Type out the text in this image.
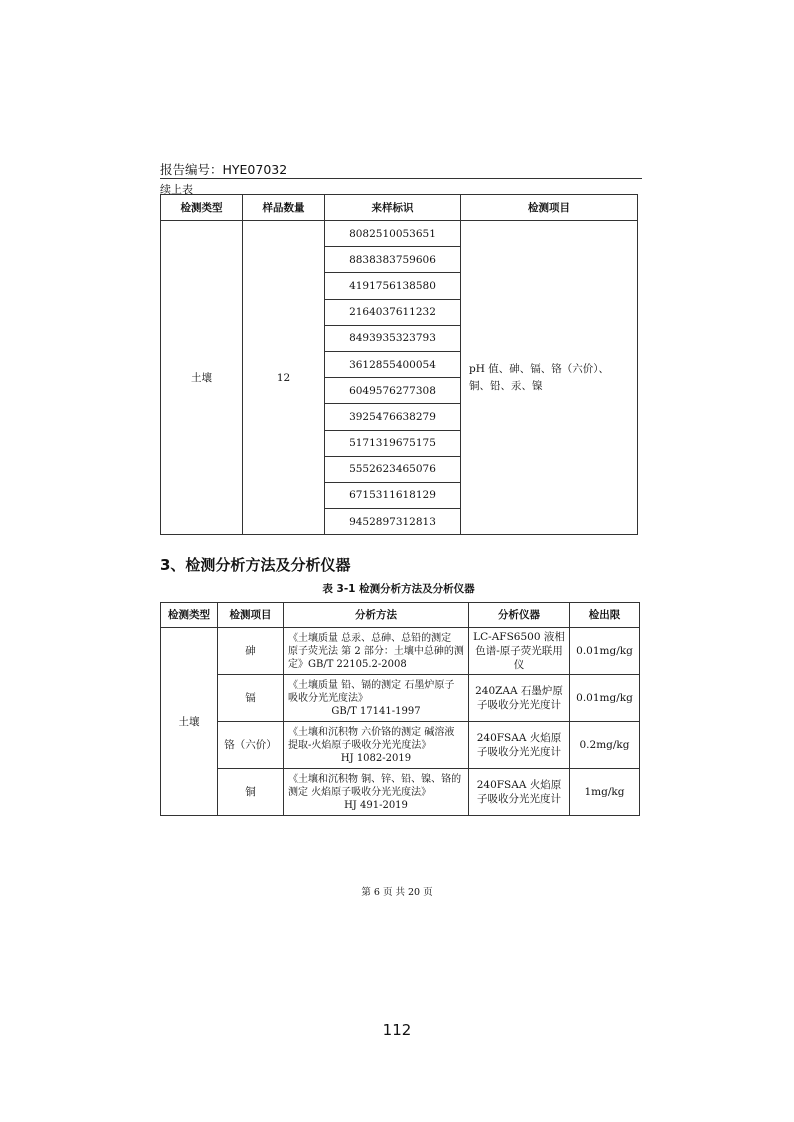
报告编号：HYE07032
续上表
检测类型	样品数量	来样标识	检测项目
土壤	12	8082510053651	pH 值、砷、镉、铬（六价）、铜、铅、汞、镍
		8838383759606	
		4191756138580	
		2164037611232	
		8493935323793	
		3612855400054	
		6049576277308	
		3925476638279	
		5171319675175	
		5552623465076	
		6715311618129	
		9452897312813	
3、检测分析方法及分析仪器
表 3-1 检测分析方法及分析仪器
检测类型	检测项目	分析方法	分析仪器	检出限
土壤	砷	《土壤质量 总汞、总砷、总铅的测定 原子荧光法 第 2 部分：土壤中总砷的测定》GB/T 22105.2-2008	LC-AFS6500 液相色谱-原子荧光联用仪	0.01mg/kg
	镉	《土壤质量 铅、镉的测定 石墨炉原子吸收分光光度法》
GB/T 17141-1997	240ZAA 石墨炉原子吸收分光光度计	0.01mg/kg
	铬（六价）	《土壤和沉积物 六价铬的测定 碱溶液提取-火焰原子吸收分光光度法》
HJ 1082-2019	240FSAA 火焰原子吸收分光光度计	0.2mg/kg
	铜	《土壤和沉积物 铜、锌、铅、镍、铬的测定 火焰原子吸收分光光度法》
HJ 491-2019	240FSAA 火焰原子吸收分光光度计	1mg/kg
第 6 页 共 20 页
112
